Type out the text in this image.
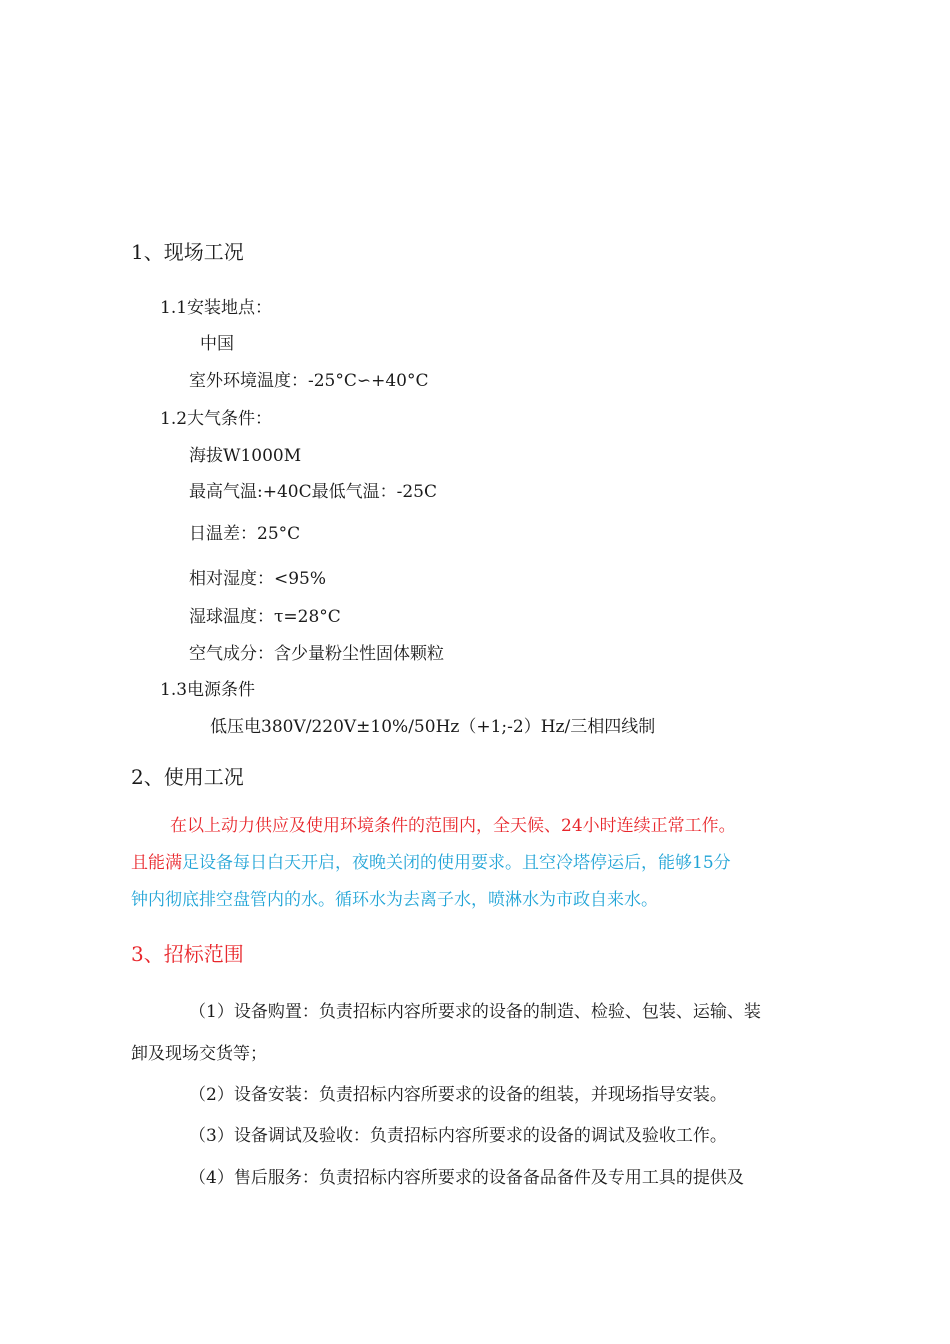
1、现场工况
1.1安装地点：
中国
室外环境温度：-25°C∽+40°C
1.2大气条件：
海拔W1000M
最高气温:+40C最低气温：-25C
日温差：25°C
相对湿度：<95%
湿球温度：τ=28°C
空气成分：含少量粉尘性固体颗粒
1.3电源条件
低压电380V/220V±10%/50Hz（+1;-2）Hz/三相四线制
2、使用工况
在以上动力供应及使用环境条件的范围内，全天候、24小时连续正常工作。
且能满足设备每日白天开启，夜晚关闭的使用要求。且空冷塔停运后，能够15分
钟内彻底排空盘管内的水。循环水为去离子水，喷淋水为市政自来水。
3、招标范围
（1）设备购置：负责招标内容所要求的设备的制造、检验、包装、运输、装
卸及现场交货等；
（2）设备安装：负责招标内容所要求的设备的组装，并现场指导安装。
（3）设备调试及验收：负责招标内容所要求的设备的调试及验收工作。
（4）售后服务：负责招标内容所要求的设备备品备件及专用工具的提供及
